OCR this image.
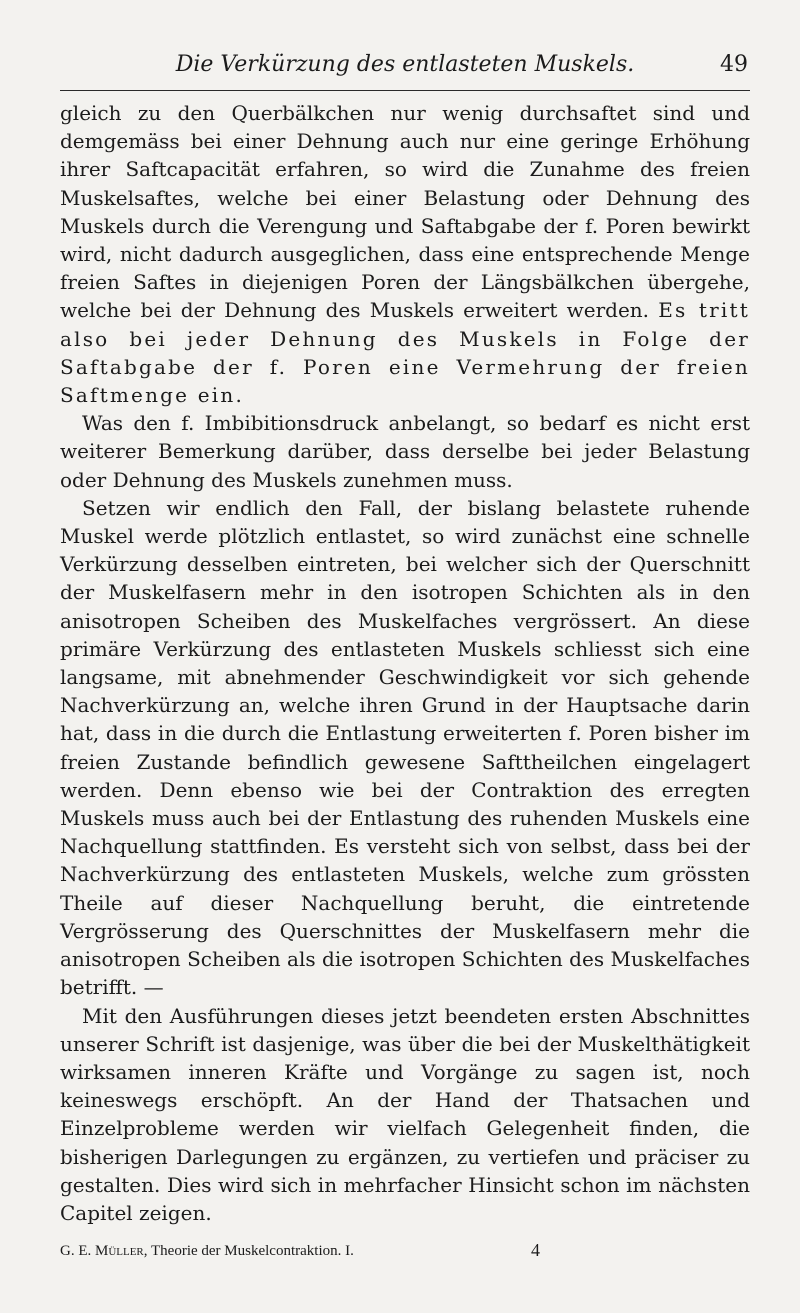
Die Verkürzung des entlasteten Muskels.	49

gleich zu den Querbälkchen nur wenig durchsaftet sind und demgemäss bei einer Dehnung auch nur eine geringe Erhöhung ihrer Saftcapacität erfahren, so wird die Zunahme des freien Muskelsaftes, welche bei einer Belastung oder Dehnung des Muskels durch die Verengung und Saftabgabe der f. Poren bewirkt wird, nicht dadurch ausgeglichen, dass eine entsprechende Menge freien Saftes in diejenigen Poren der Längsbälkchen übergehe, welche bei der Dehnung des Muskels erweitert werden. Es tritt also bei jeder Dehnung des Muskels in Folge der Saftabgabe der f. Poren eine Vermehrung der freien Saftmenge ein.

Was den f. Imbibitionsdruck anbelangt, so bedarf es nicht erst weiterer Bemerkung darüber, dass derselbe bei jeder Belastung oder Dehnung des Muskels zunehmen muss.

Setzen wir endlich den Fall, der bislang belastete ruhende Muskel werde plötzlich entlastet, so wird zunächst eine schnelle Verkürzung desselben eintreten, bei welcher sich der Querschnitt der Muskelfasern mehr in den isotropen Schichten als in den anisotropen Scheiben des Muskelfaches vergrössert. An diese primäre Verkürzung des entlasteten Muskels schliesst sich eine langsame, mit abnehmender Geschwindigkeit vor sich gehende Nachverkürzung an, welche ihren Grund in der Hauptsache darin hat, dass in die durch die Entlastung erweiterten f. Poren bisher im freien Zustande befindlich gewesene Safttheilchen eingelagert werden. Denn ebenso wie bei der Contraktion des erregten Muskels muss auch bei der Entlastung des ruhenden Muskels eine Nachquellung stattfinden. Es versteht sich von selbst, dass bei der Nachverkürzung des entlasteten Muskels, welche zum grössten Theile auf dieser Nachquellung beruht, die eintretende Vergrösserung des Querschnittes der Muskelfasern mehr die anisotropen Scheiben als die isotropen Schichten des Muskelfaches betrifft. —

Mit den Ausführungen dieses jetzt beendeten ersten Abschnittes unserer Schrift ist dasjenige, was über die bei der Muskelthätigkeit wirksamen inneren Kräfte und Vorgänge zu sagen ist, noch keineswegs erschöpft. An der Hand der Thatsachen und Einzelprobleme werden wir vielfach Gelegenheit finden, die bisherigen Darlegungen zu ergänzen, zu vertiefen und präciser zu gestalten. Dies wird sich in mehrfacher Hinsicht schon im nächsten Capitel zeigen.

G. E. Müller, Theorie der Muskelcontraktion. I.	4
